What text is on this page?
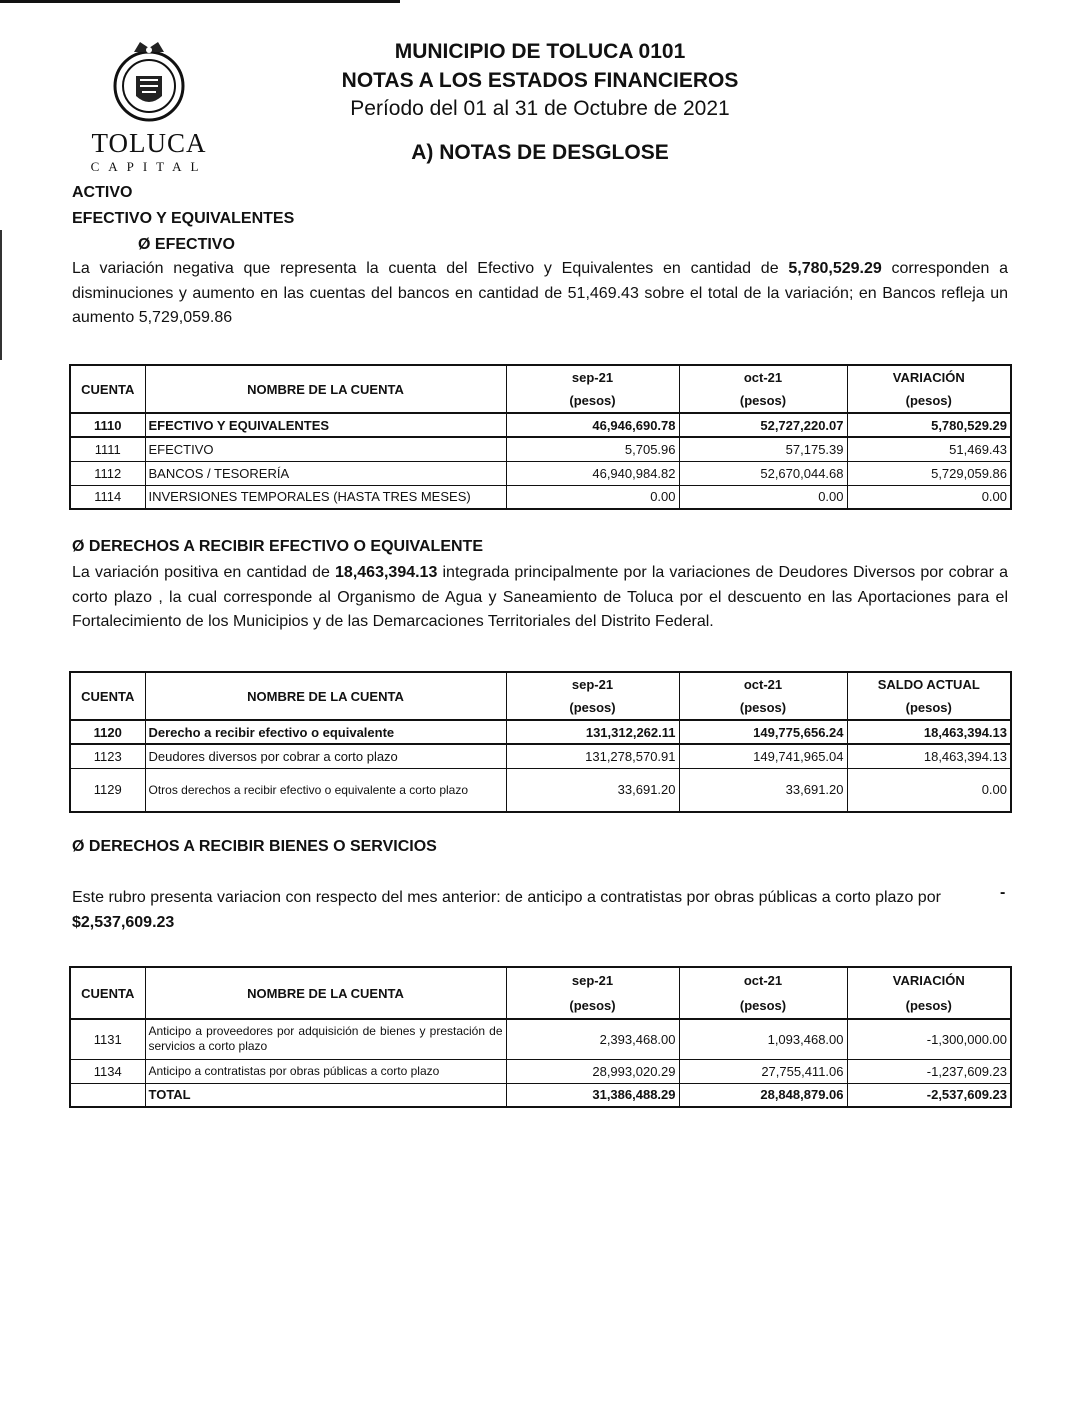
TOLUCA
CAPITAL
MUNICIPIO DE TOLUCA 0101
NOTAS A LOS ESTADOS FINANCIEROS
Período del 01 al 31 de Octubre de 2021
A) NOTAS DE DESGLOSE
ACTIVO
EFECTIVO Y EQUIVALENTES
Ø EFECTIVO
La variación negativa que representa la cuenta del Efectivo y Equivalentes en cantidad de 5,780,529.29 corresponden a disminuciones y aumento en las cuentas del bancos en cantidad de 51,469.43 sobre el total de la variación; en Bancos refleja un aumento 5,729,059.86
CUENTA	NOMBRE DE LA CUENTA	sep-21	oct-21	VARIACIÓN
		(pesos)	(pesos)	(pesos)
1110	EFECTIVO Y EQUIVALENTES	46,946,690.78	52,727,220.07	5,780,529.29
1111	EFECTIVO	5,705.96	57,175.39	51,469.43
1112	BANCOS / TESORERÍA	46,940,984.82	52,670,044.68	5,729,059.86
1114	INVERSIONES TEMPORALES (HASTA TRES MESES)	0.00	0.00	0.00
Ø DERECHOS A RECIBIR EFECTIVO O EQUIVALENTE
La variación positiva en cantidad de 18,463,394.13 integrada principalmente por la variaciones de Deudores Diversos por cobrar a corto plazo , la cual corresponde al Organismo de Agua y Saneamiento de Toluca por el descuento en las Aportaciones para el Fortalecimiento de los Municipios y de las Demarcaciones Territoriales del Distrito Federal.
CUENTA	NOMBRE DE LA CUENTA	sep-21	oct-21	SALDO ACTUAL
		(pesos)	(pesos)	(pesos)
1120	Derecho a recibir efectivo o equivalente	131,312,262.11	149,775,656.24	18,463,394.13
1123	Deudores diversos por cobrar a corto plazo	131,278,570.91	149,741,965.04	18,463,394.13
1129	Otros derechos a recibir efectivo o equivalente a corto plazo	33,691.20	33,691.20	0.00
Ø DERECHOS A RECIBIR BIENES O SERVICIOS
Este rubro presenta variacion con respecto del mes anterior: de anticipo a contratistas por obras públicas a corto plazo por
$2,537,609.23
-
CUENTA	NOMBRE DE LA CUENTA	sep-21	oct-21	VARIACIÓN
		(pesos)	(pesos)	(pesos)
1131	Anticipo a proveedores por adquisición de bienes y prestación de servicios a corto plazo	2,393,468.00	1,093,468.00	-1,300,000.00
1134	Anticipo a contratistas por obras públicas a corto plazo	28,993,020.29	27,755,411.06	-1,237,609.23
	TOTAL	31,386,488.29	28,848,879.06	-2,537,609.23
